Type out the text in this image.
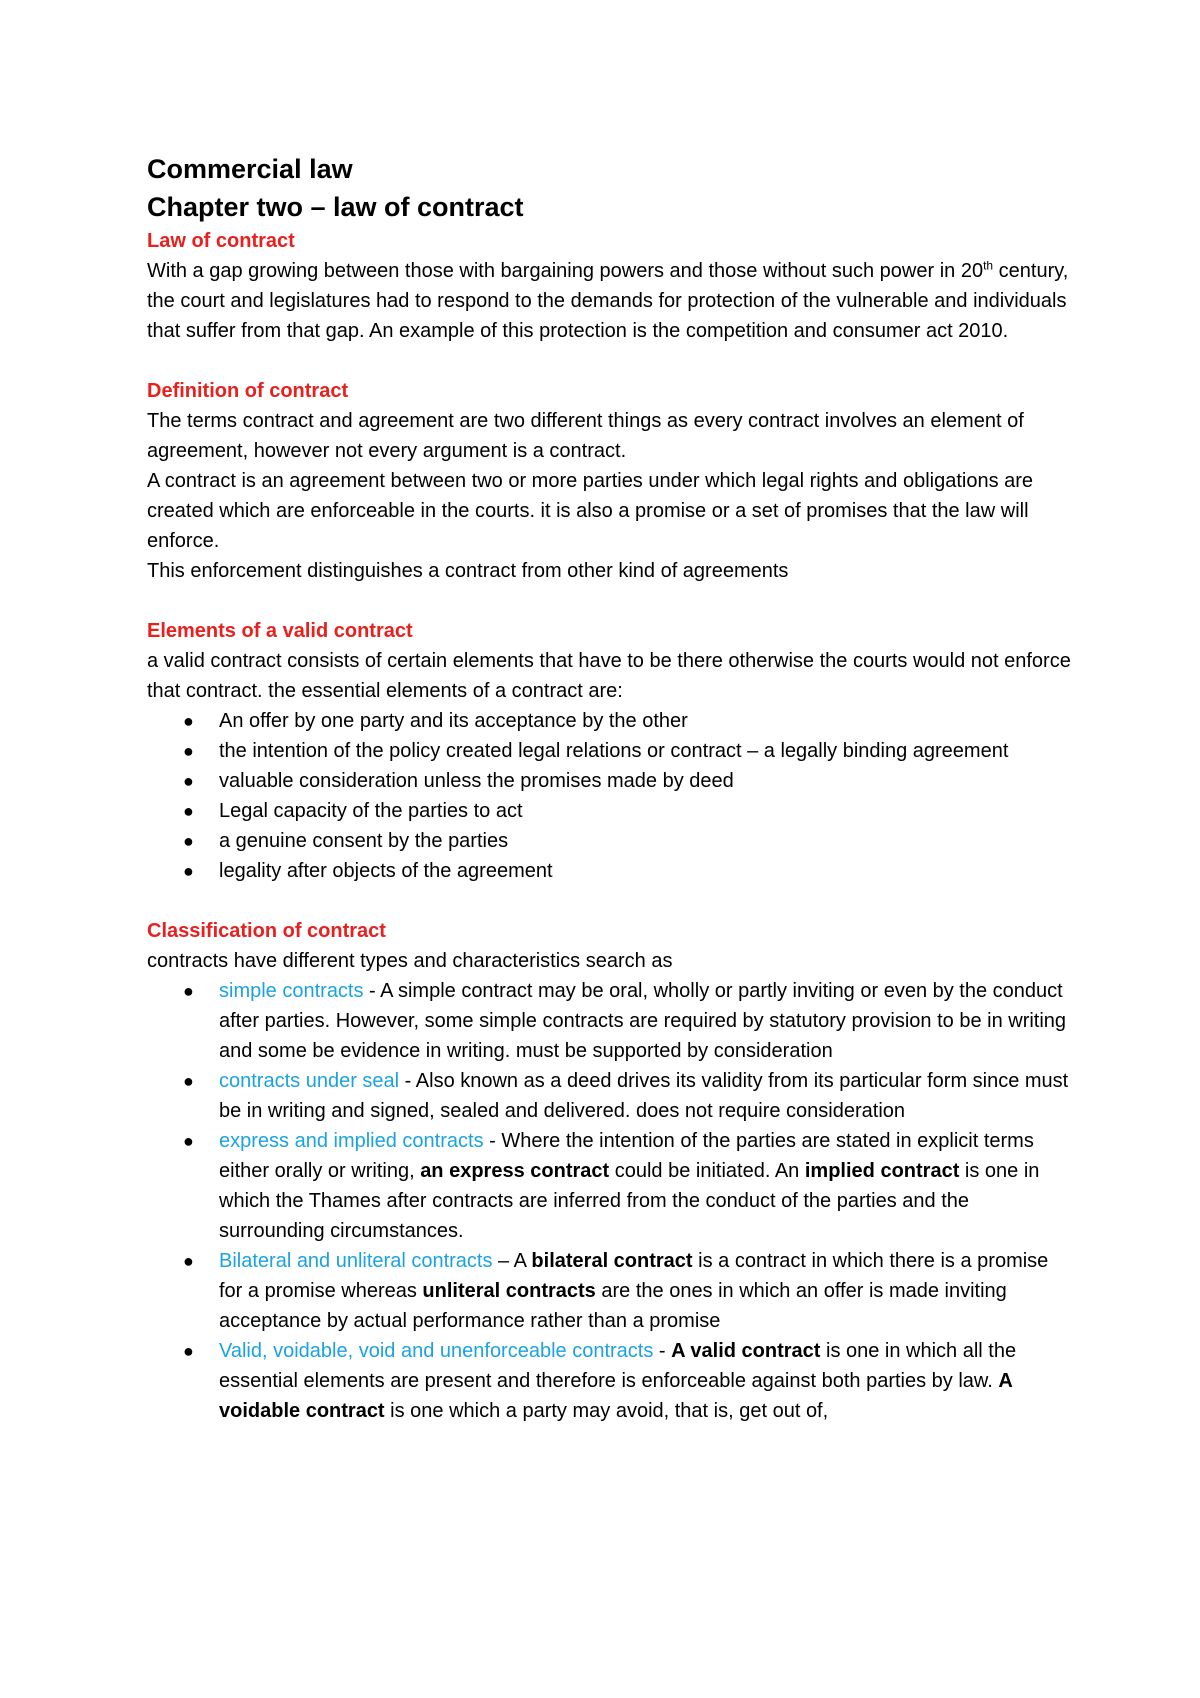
Commercial law

Chapter two – law of contract

Law of contract

With a gap growing between those with bargaining powers and those without such power in 20th century, the court and legislatures had to respond to the demands for protection of the vulnerable and individuals that suffer from that gap. An example of this protection is the competition and consumer act 2010.

Definition of contract

The terms contract and agreement are two different things as every contract involves an element of agreement, however not every argument is a contract.

A contract is an agreement between two or more parties under which legal rights and obligations are created which are enforceable in the courts. it is also a promise or a set of promises that the law will enforce.

This enforcement distinguishes a contract from other kind of agreements

Elements of a valid contract

a valid contract consists of certain elements that have to be there otherwise the courts would not enforce that contract. the essential elements of a contract are:

● An offer by one party and its acceptance by the other
● the intention of the policy created legal relations or contract – a legally binding agreement
● valuable consideration unless the promises made by deed
● Legal capacity of the parties to act
● a genuine consent by the parties
● legality after objects of the agreement

Classification of contract

contracts have different types and characteristics search as

● simple contracts - A simple contract may be oral, wholly or partly inviting or even by the conduct after parties. However, some simple contracts are required by statutory provision to be in writing and some be evidence in writing. must be supported by consideration
● contracts under seal - Also known as a deed drives its validity from its particular form since must be in writing and signed, sealed and delivered. does not require consideration
● express and implied contracts - Where the intention of the parties are stated in explicit terms either orally or writing, an express contract could be initiated. An implied contract is one in which the Thames after contracts are inferred from the conduct of the parties and the surrounding circumstances.
● Bilateral and unliteral contracts – A bilateral contract is a contract in which there is a promise for a promise whereas unliteral contracts are the ones in which an offer is made inviting acceptance by actual performance rather than a promise
● Valid, voidable, void and unenforceable contracts - A valid contract is one in which all the essential elements are present and therefore is enforceable against both parties by law. A voidable contract is one which a party may avoid, that is, get out of,
